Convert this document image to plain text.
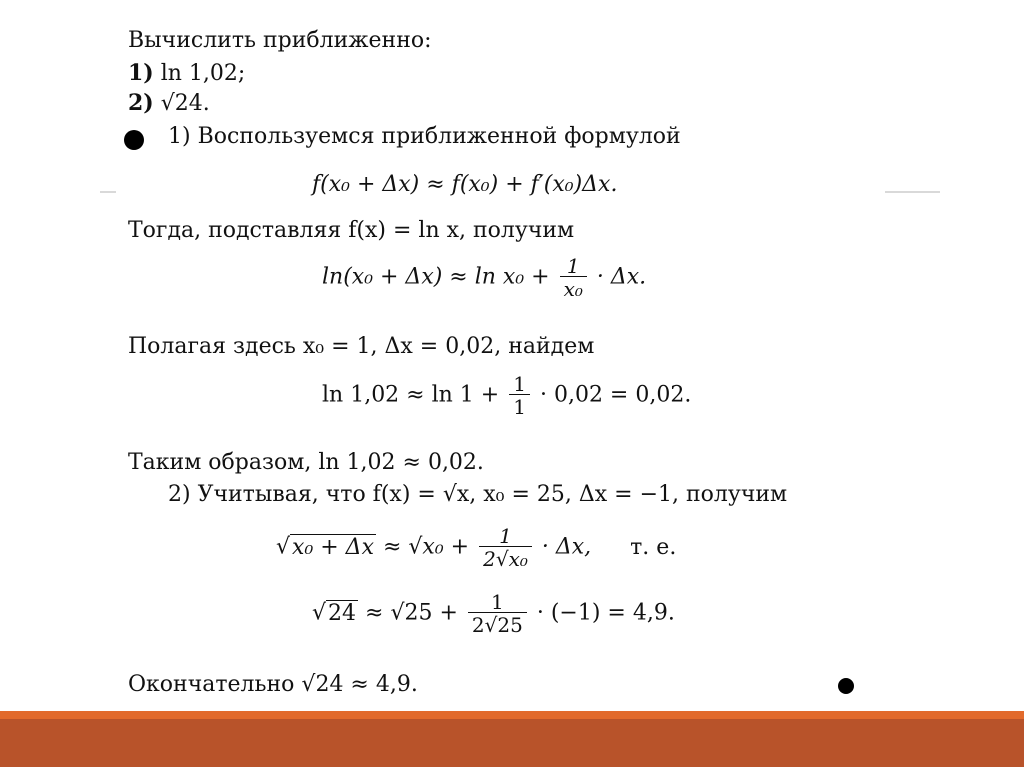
Вычислить приближенно:
1) ln 1,02;
2) √24.
1) Воспользуемся приближенной формулой
f(x₀ + Δx) ≈ f(x₀) + f′(x₀)Δx.
Тогда, подставляя f(x) = ln x, получим
$\ln(x_0 + \Delta x) \approx \ln x_0 + \frac{1}{\text{x₀}} \cdot \Delta x$.
Полагая здесь x₀ = 1, Δx = 0,02, найдем
$\ln 1,02 \approx \ln 1 + \frac{1}{1} \cdot 0,02 = 0,02$.
Таким образом, ln 1,02 ≈ 0,02.
2) Учитывая, что f(x) = √x, x₀ = 25, Δx = −1, получим
$√x_0 + \Delta x \approx √x_0 + \frac{1}{\text{2√x₀}} \cdot \Delta x$, т. е.
$√24 \approx √25 + \frac{1}{2√25} \cdot (-1) = 4,9$.
Окончательно √24 ≈ 4,9.
